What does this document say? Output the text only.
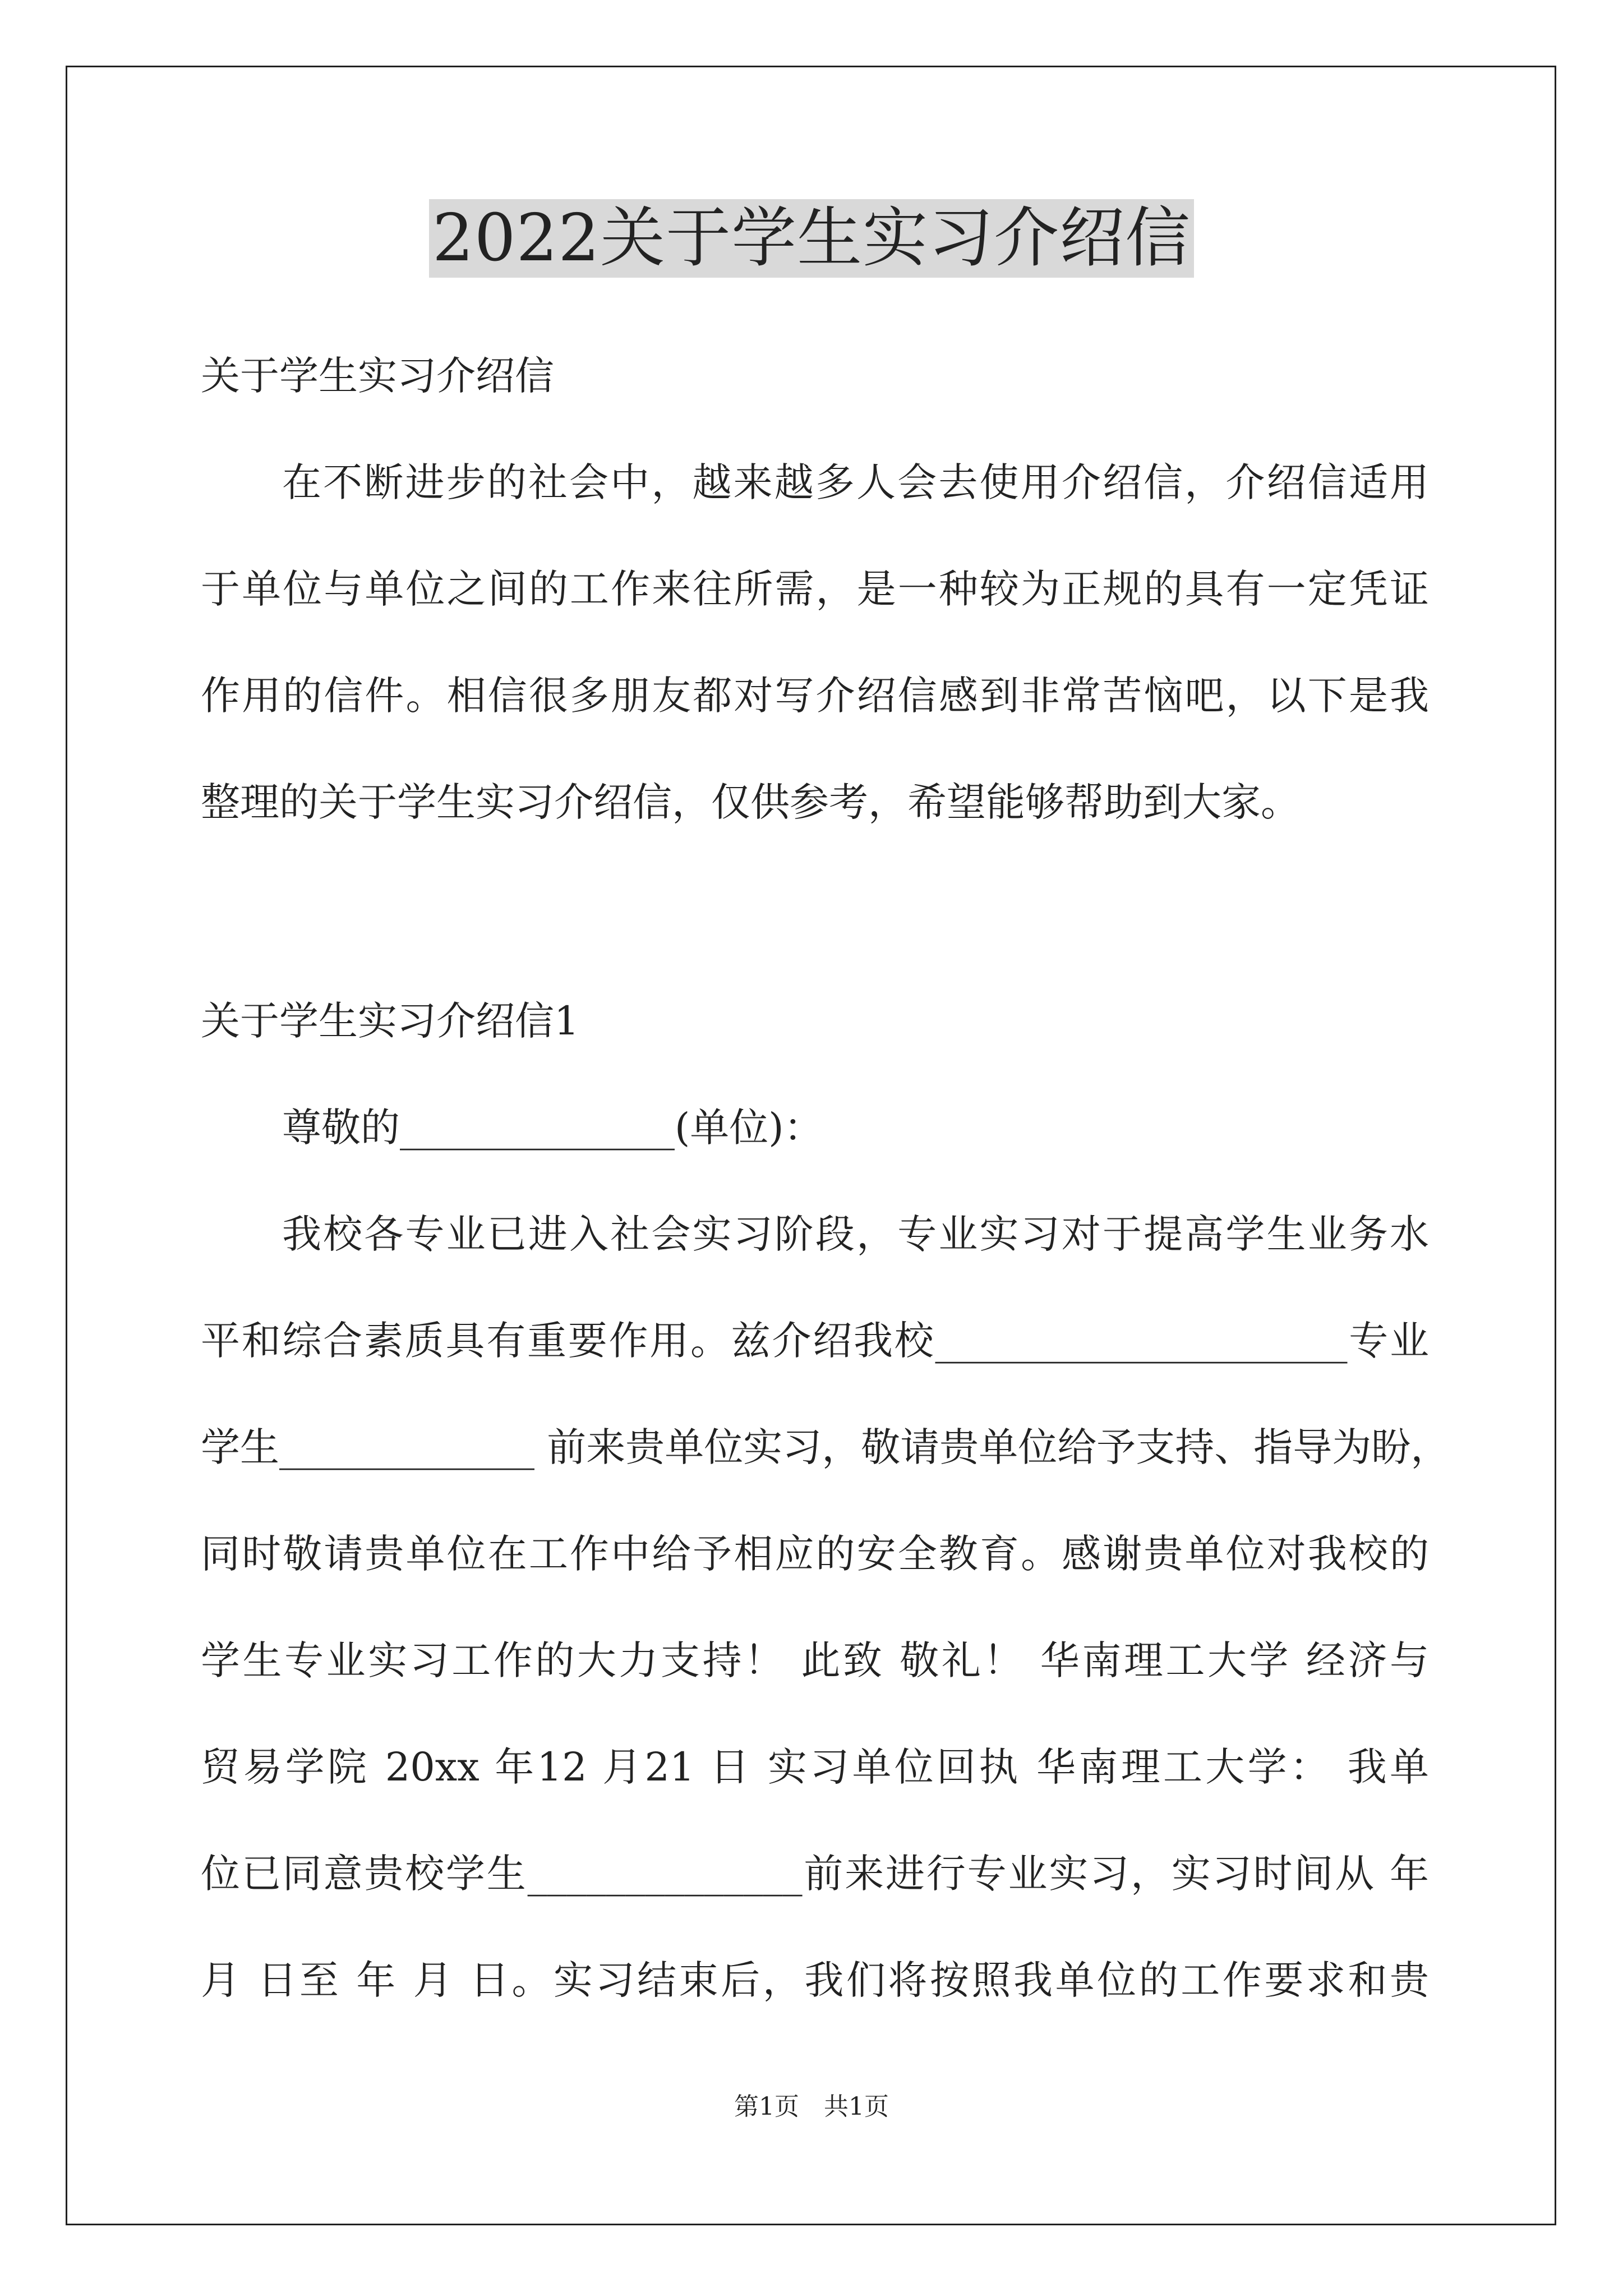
2022关于学生实习介绍信
关于学生实习介绍信
在不断进步的社会中，越来越多人会去使用介绍信，介绍信适用
于单位与单位之间的工作来往所需，是一种较为正规的具有一定凭证
作用的信件。相信很多朋友都对写介绍信感到非常苦恼吧，以下是我
整理的关于学生实习介绍信，仅供参考，希望能够帮助到大家。
关于学生实习介绍信1
尊敬的______________(单位)：
我校各专业已进入社会实习阶段，专业实习对于提高学生业务水
平和综合素质具有重要作用。兹介绍我校_____________________专业
学生_____________ 前来贵单位实习，敬请贵单位给予支持、指导为盼，
同时敬请贵单位在工作中给予相应的安全教育。感谢贵单位对我校的
学生专业实习工作的大力支持！ 此致 敬礼！ 华南理工大学 经济与
贸易学院 20xx 年12 月21 日 实习单位回执 华南理工大学： 我单
位已同意贵校学生______________前来进行专业实习，实习时间从 年
月 日至 年 月 日。实习结束后，我们将按照我单位的工作要求和贵
第1页　共1页
